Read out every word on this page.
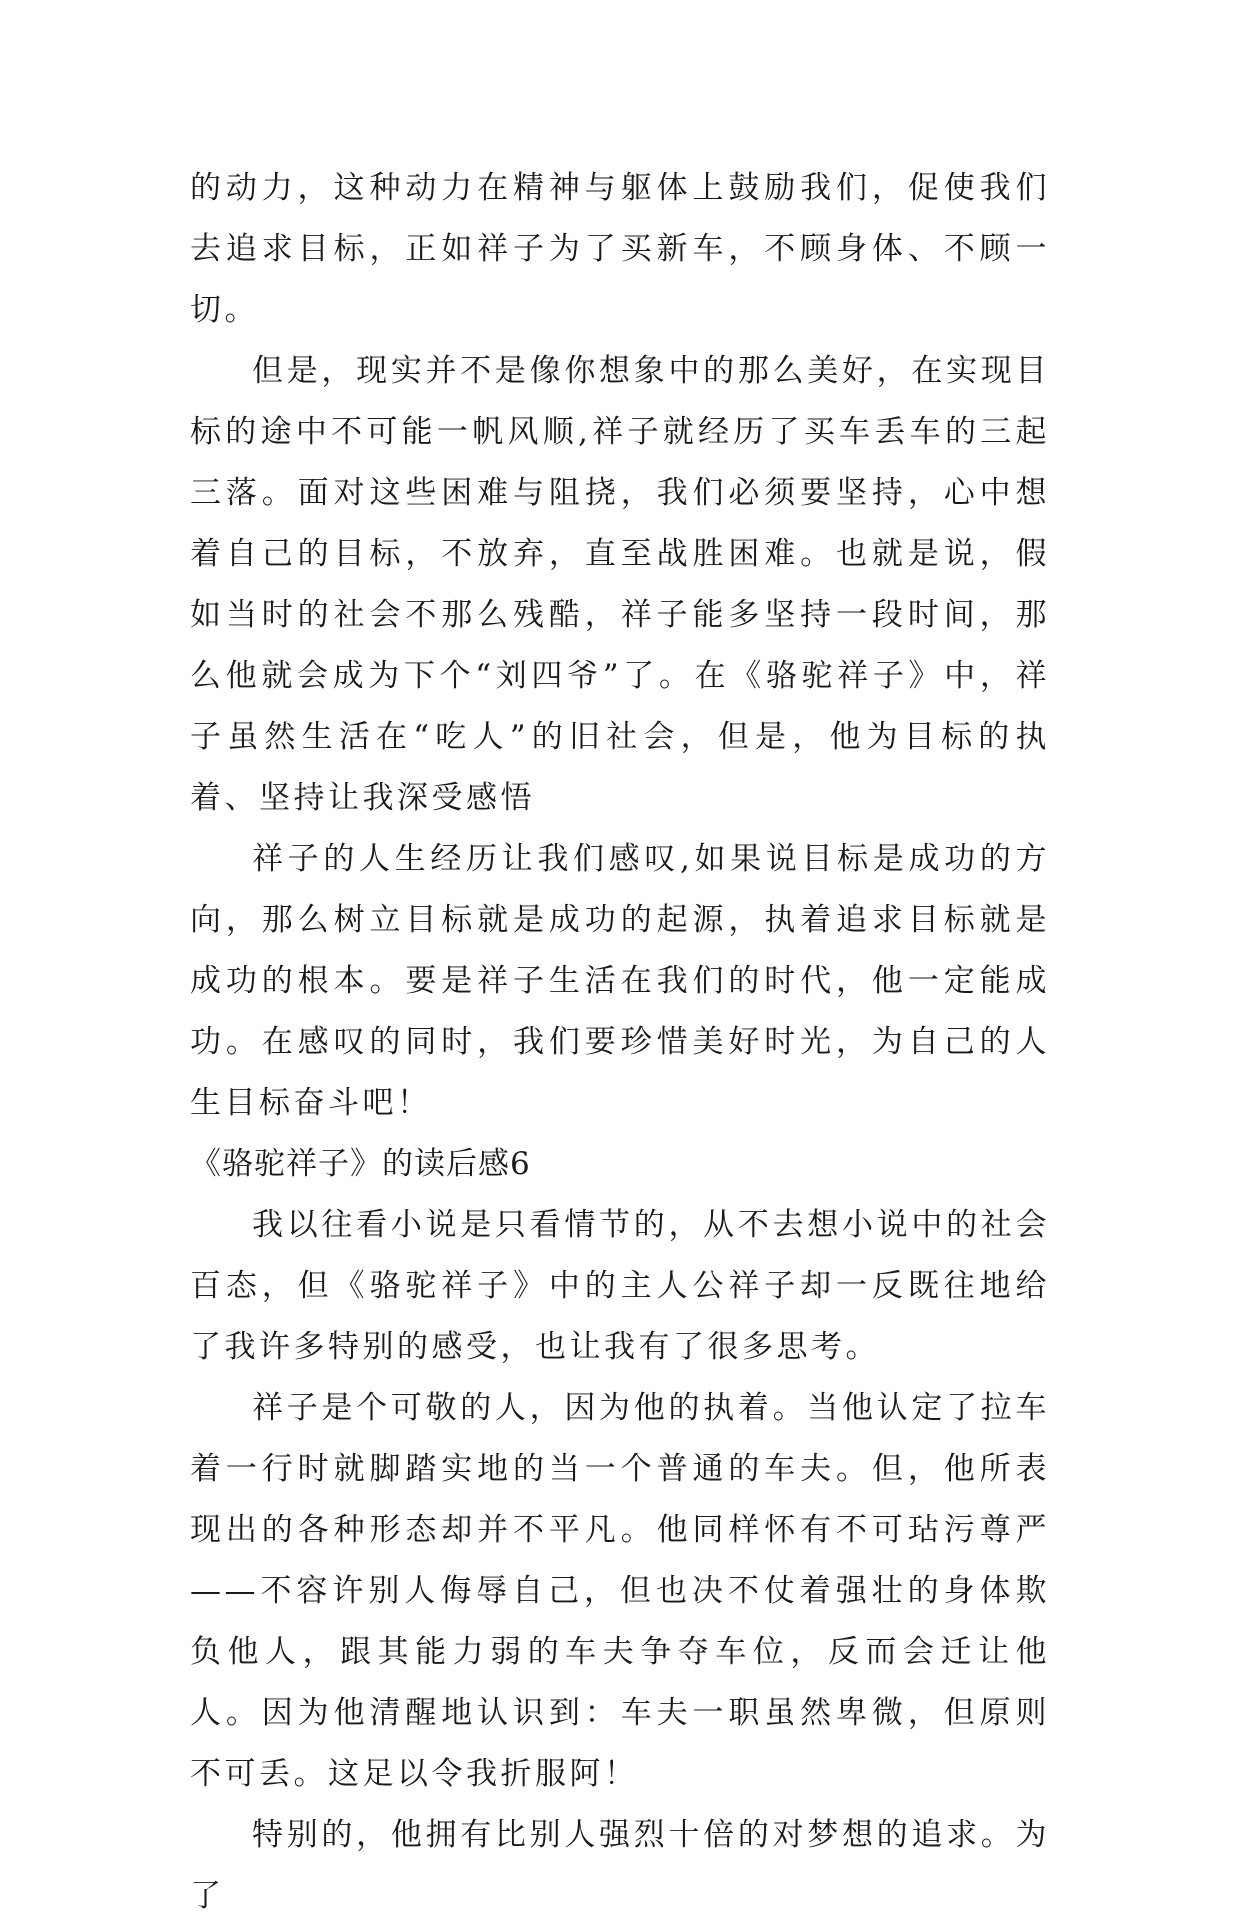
的动力，这种动力在精神与躯体上鼓励我们，促使我们去追求目标，正如祥子为了买新车，不顾身体、不顾一切。

但是，现实并不是像你想象中的那么美好，在实现目标的途中不可能一帆风顺,祥子就经历了买车丢车的三起三落。面对这些困难与阻挠，我们必须要坚持，心中想着自己的目标，不放弃，直至战胜困难。也就是说，假如当时的社会不那么残酷，祥子能多坚持一段时间，那么他就会成为下个“刘四爷”了。在《骆驼祥子》中，祥子虽然生活在“吃人”的旧社会，但是，他为目标的执着、坚持让我深受感悟

祥子的人生经历让我们感叹,如果说目标是成功的方向，那么树立目标就是成功的起源，执着追求目标就是成功的根本。要是祥子生活在我们的时代，他一定能成功。在感叹的同时，我们要珍惜美好时光，为自己的人生目标奋斗吧！

《骆驼祥子》的读后感6

我以往看小说是只看情节的，从不去想小说中的社会百态，但《骆驼祥子》中的主人公祥子却一反既往地给了我许多特别的感受，也让我有了很多思考。

祥子是个可敬的人，因为他的执着。当他认定了拉车着一行时就脚踏实地的当一个普通的车夫。但，他所表现出的各种形态却并不平凡。他同样怀有不可玷污尊严——不容许别人侮辱自己，但也决不仗着强壮的身体欺负他人，跟其能力弱的车夫争夺车位，反而会迁让他人。因为他清醒地认识到：车夫一职虽然卑微，但原则不可丢。这足以令我折服阿！

特别的，他拥有比别人强烈十倍的对梦想的追求。为了
